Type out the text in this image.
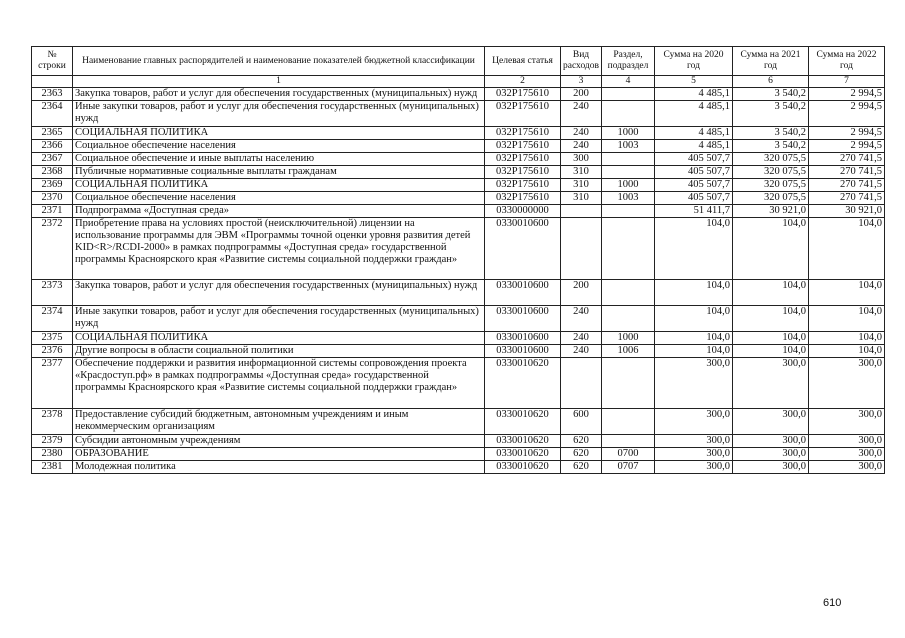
№ строки	Наименование главных распорядителей и наименование показателей бюджетной классификации	Целевая статья	Вид расходов	Раздел, подраздел	Сумма на 2020 год	Сумма на 2021 год	Сумма на 2022 год
	1	2	3	4	5	6	7
2363	Закупка товаров, работ и услуг для обеспечения государственных (муниципальных) нужд	032Р175610	200		4 485,1	3 540,2	2 994,5
2364	Иные закупки товаров, работ и услуг для обеспечения государственных (муниципальных) нужд	032Р175610	240		4 485,1	3 540,2	2 994,5
2365	СОЦИАЛЬНАЯ ПОЛИТИКА	032Р175610	240	1000	4 485,1	3 540,2	2 994,5
2366	Социальное обеспечение населения	032Р175610	240	1003	4 485,1	3 540,2	2 994,5
2367	Социальное обеспечение и иные выплаты населению	032Р175610	300		405 507,7	320 075,5	270 741,5
2368	Публичные нормативные социальные выплаты гражданам	032Р175610	310		405 507,7	320 075,5	270 741,5
2369	СОЦИАЛЬНАЯ ПОЛИТИКА	032Р175610	310	1000	405 507,7	320 075,5	270 741,5
2370	Социальное обеспечение населения	032Р175610	310	1003	405 507,7	320 075,5	270 741,5
2371	Подпрограмма «Доступная среда»	0330000000			51 411,7	30 921,0	30 921,0
2372	Приобретение права на условиях простой (неисключительной) лицензии на использование программы для ЭВМ «Программы точной оценки уровня развития детей KID<R>/RCDI-2000» в рамках подпрограммы «Доступная среда» государственной программы Красноярского края «Развитие системы социальной поддержки граждан»	0330010600			104,0	104,0	104,0
2373	Закупка товаров, работ и услуг для обеспечения государственных (муниципальных) нужд	0330010600	200		104,0	104,0	104,0
2374	Иные закупки товаров, работ и услуг для обеспечения государственных (муниципальных) нужд	0330010600	240		104,0	104,0	104,0
2375	СОЦИАЛЬНАЯ ПОЛИТИКА	0330010600	240	1000	104,0	104,0	104,0
2376	Другие вопросы в области социальной политики	0330010600	240	1006	104,0	104,0	104,0
2377	Обеспечение поддержки и развития информационной системы сопровождения проекта «Красдоступ.рф» в рамках подпрограммы «Доступная среда» государственной программы Красноярского края «Развитие системы социальной поддержки граждан»	0330010620			300,0	300,0	300,0
2378	Предоставление субсидий бюджетным, автономным учреждениям и иным некоммерческим организациям	0330010620	600		300,0	300,0	300,0
2379	Субсидии автономным учреждениям	0330010620	620		300,0	300,0	300,0
2380	ОБРАЗОВАНИЕ	0330010620	620	0700	300,0	300,0	300,0
2381	Молодежная политика	0330010620	620	0707	300,0	300,0	300,0
610
